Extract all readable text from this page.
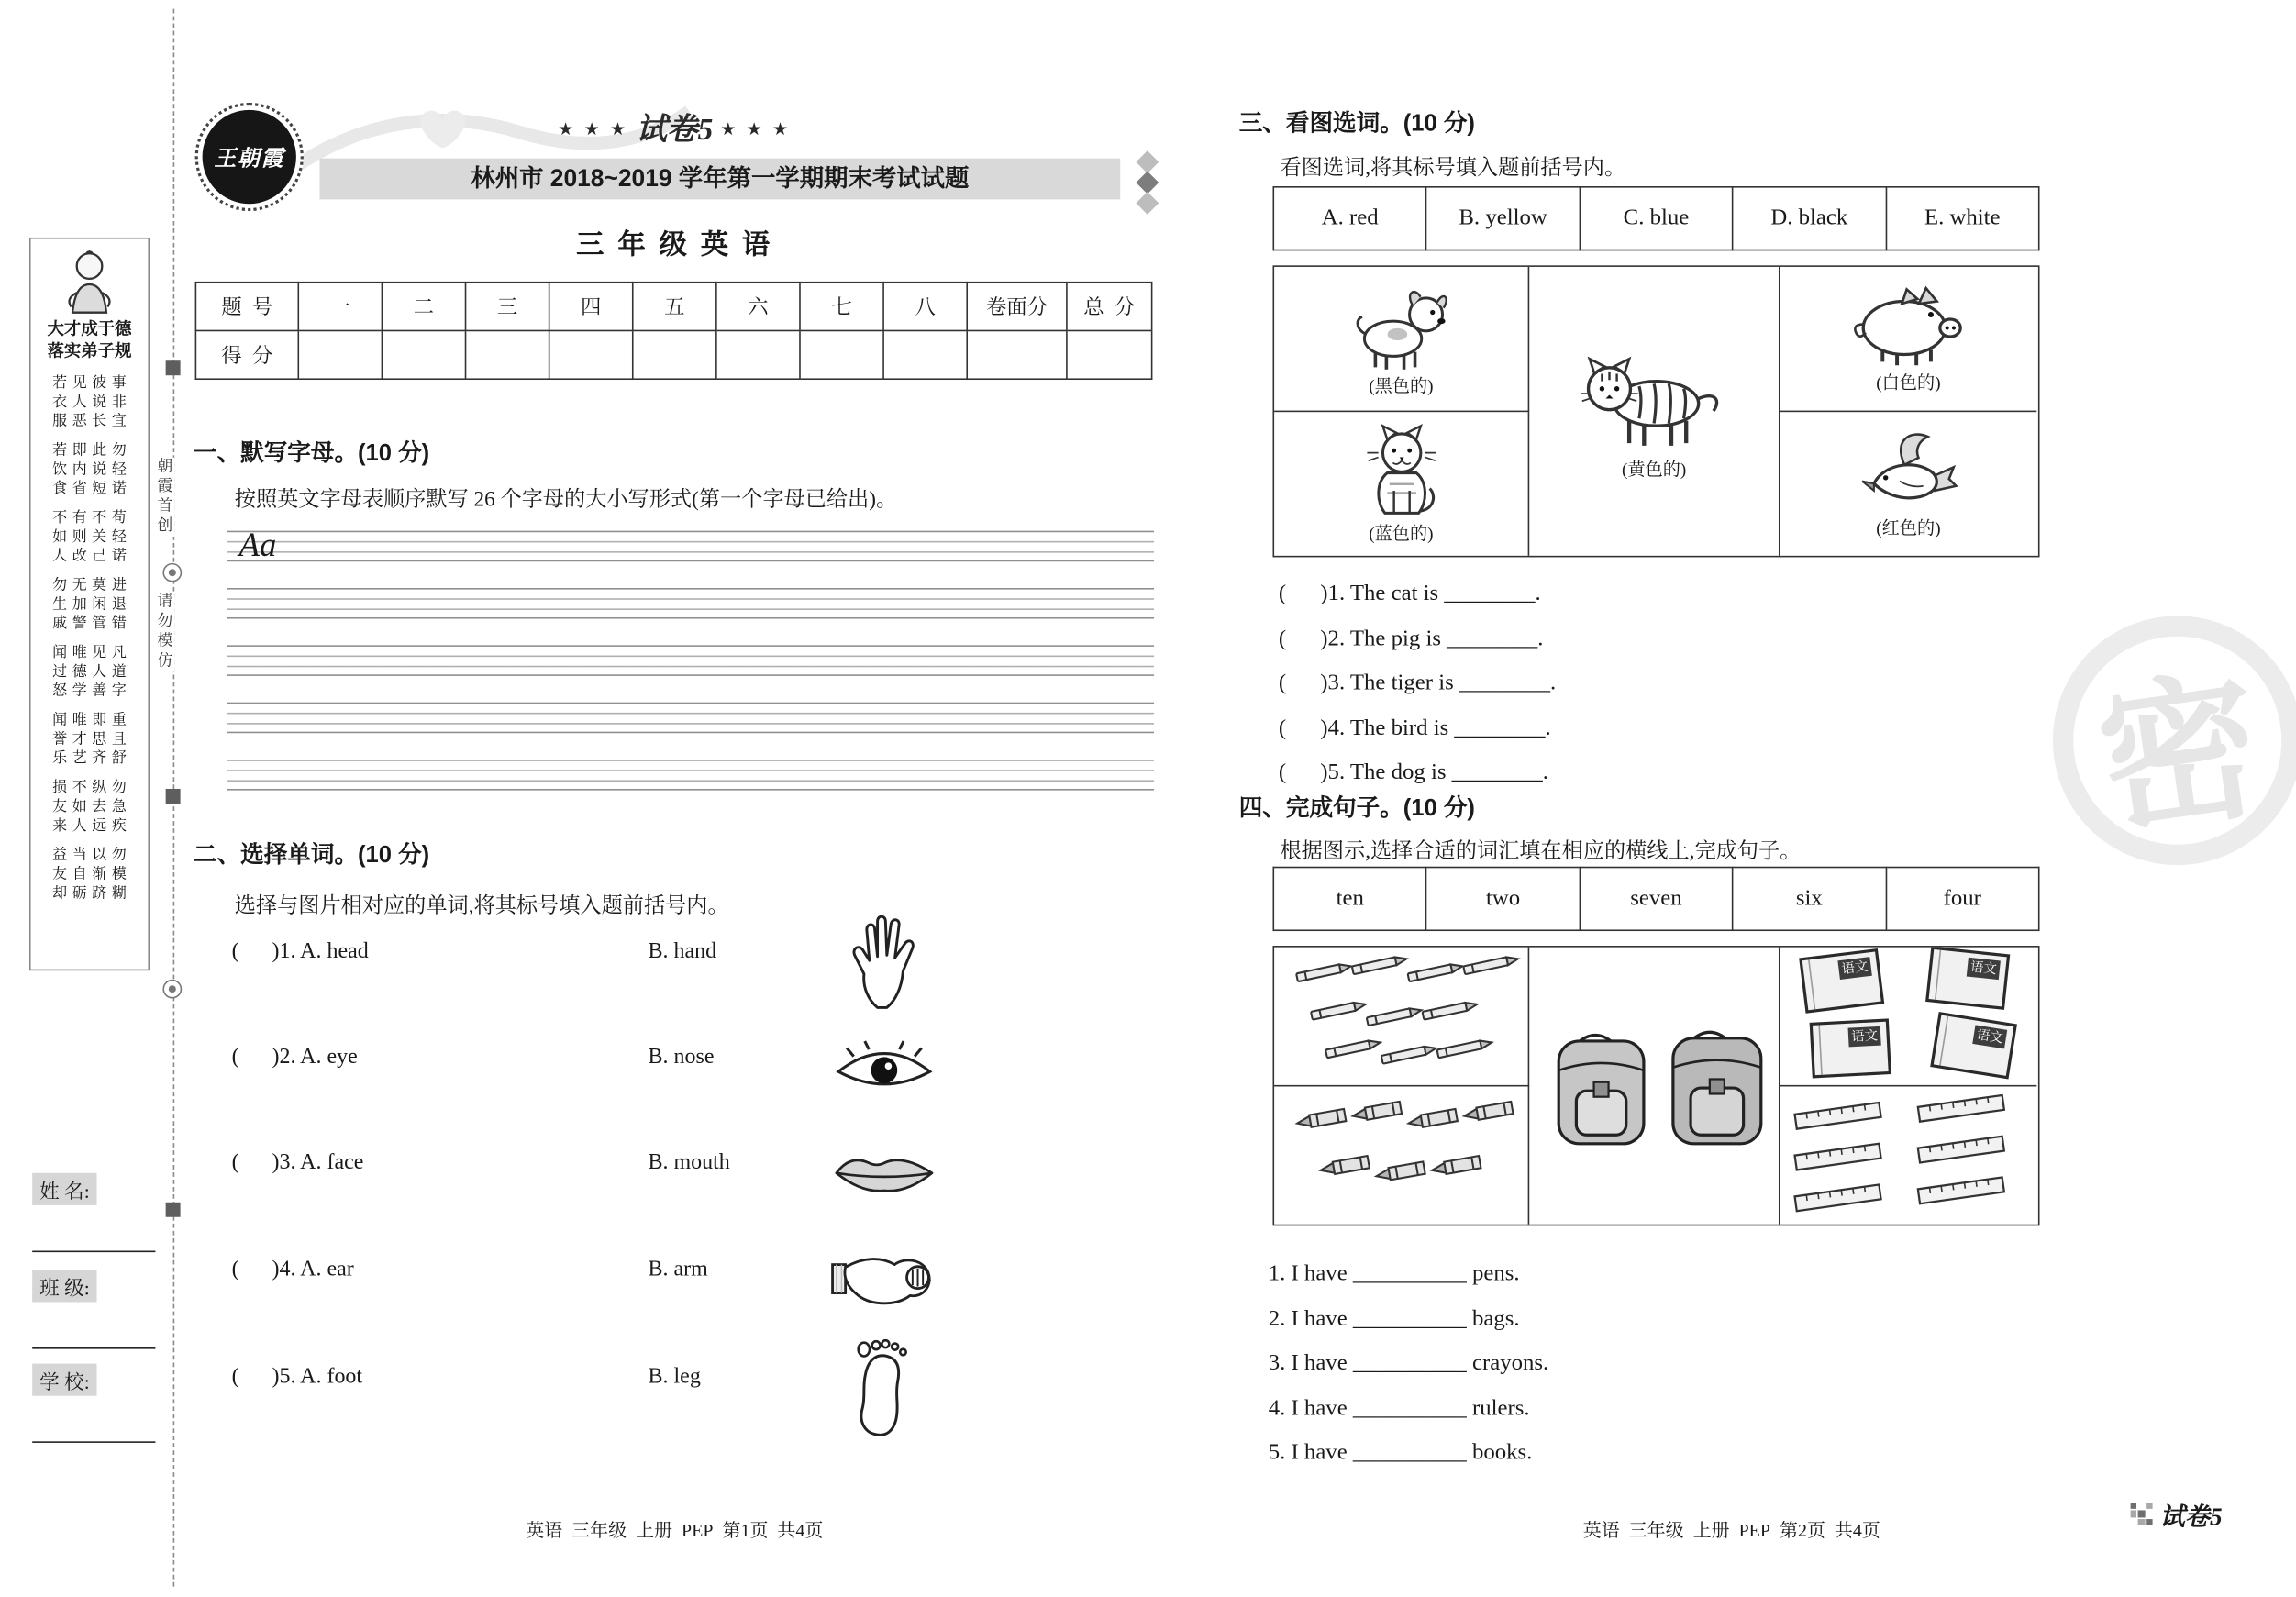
大才成于德
落实弟子规
若见彼事
衣人说非
服恶长宜
若即此勿
饮内说轻
食省短诺
不有不苟
如则关轻
人改己诺
勿无莫进
生加闲退
戚警管错
闻唯见凡
过德人道
怒学善字
闻唯即重
誉才思且
乐艺齐舒
损不纵勿
友如去急
来人远疾
益当以勿
友自渐模
却砺跻糊
姓 名:
班 级:
学 校:
朝霞首创
请勿模仿
★ ★ ★ 试卷5 ★ ★ ★
王朝霞
林州市 2018~2019 学年第一学期期末考试试题
三 年 级 英 语
题  号	一	二	三	四	五	六	七	八	卷面分	总  分
得  分										
一、默写字母。(10 分)
按照英文字母表顺序默写 26 个字母的大小写形式(第一个字母已给出)。
Aa
二、选择单词。(10 分)
选择与图片相对应的单词,将其标号填入题前括号内。
(      )1. A. head	B. hand
(      )2. A. eye	B. nose
(      )3. A. face	B. mouth
(      )4. A. ear	B. arm
(      )5. A. foot	B. leg
英语  三年级  上册  PEP  第1页  共4页
三、看图选词。(10 分)
看图选词,将其标号填入题前括号内。
A. red	B. yellow	C. blue	D. black	E. white
(黑色的)
(蓝色的)
(黄色的)
(白色的)
(红色的)

(      )1. The cat is ________.

(      )2. The pig is ________.

(      )3. The tiger is ________.

(      )4. The bird is ________.

(      )5. The dog is ________.

四、完成句子。(10 分)
根据图示,选择合适的词汇填在相应的横线上,完成句子。
ten	two	seven	six	four
语文	语文
语文	语文

1. I have __________ pens.

2. I have __________ bags.

3. I have __________ crayons.

4. I have __________ rulers.

5. I have __________ books.

英语  三年级  上册  PEP  第2页  共4页
试卷5
密
